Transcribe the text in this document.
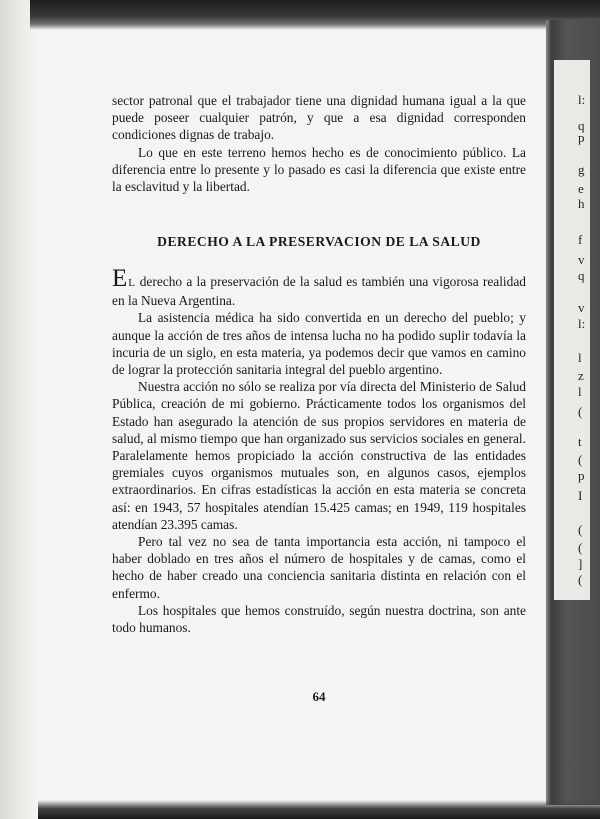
l:
q
p
g
e
h
f
v
q
v
l:
l
z
l
(
t
(
p
I
(
(
]
(

sector patronal que el trabajador tiene una dignidad humana igual a la que puede poseer cualquier patrón, y que a esa dignidad corresponden condiciones dignas de trabajo.

Lo que en este terreno hemos hecho es de conocimiento público. La diferencia entre lo presente y lo pasado es casi la diferencia que existe entre la esclavitud y la libertad.

DERECHO A LA PRESERVACION DE LA SALUD

EL derecho a la preservación de la salud es también una vigorosa realidad en la Nueva Argentina.

La asistencia médica ha sido convertida en un derecho del pueblo; y aunque la acción de tres años de intensa lucha no ha podido suplir todavía la incuria de un siglo, en esta materia, ya podemos decir que vamos en camino de lograr la protección sanitaria integral del pueblo argentino.

Nuestra acción no sólo se realiza por vía directa del Ministerio de Salud Pública, creación de mi gobierno. Prácticamente todos los organismos del Estado han asegurado la atención de sus propios servidores en materia de salud, al mismo tiempo que han organizado sus servicios sociales en general. Paralelamente hemos propiciado la acción constructiva de las entidades gremiales cuyos organismos mutuales son, en algunos casos, ejemplos extraordinarios. En cifras estadísticas la acción en esta materia se concreta así: en 1943, 57 hospitales atendían 15.425 camas; en 1949, 119 hospitales atendían 23.395 camas.

Pero tal vez no sea de tanta importancia esta acción, ni tampoco el haber doblado en tres años el número de hospitales y de camas, como el hecho de haber creado una conciencia sanitaria distinta en relación con el enfermo.

Los hospitales que hemos construído, según nuestra doctrina, son ante todo humanos.

64
